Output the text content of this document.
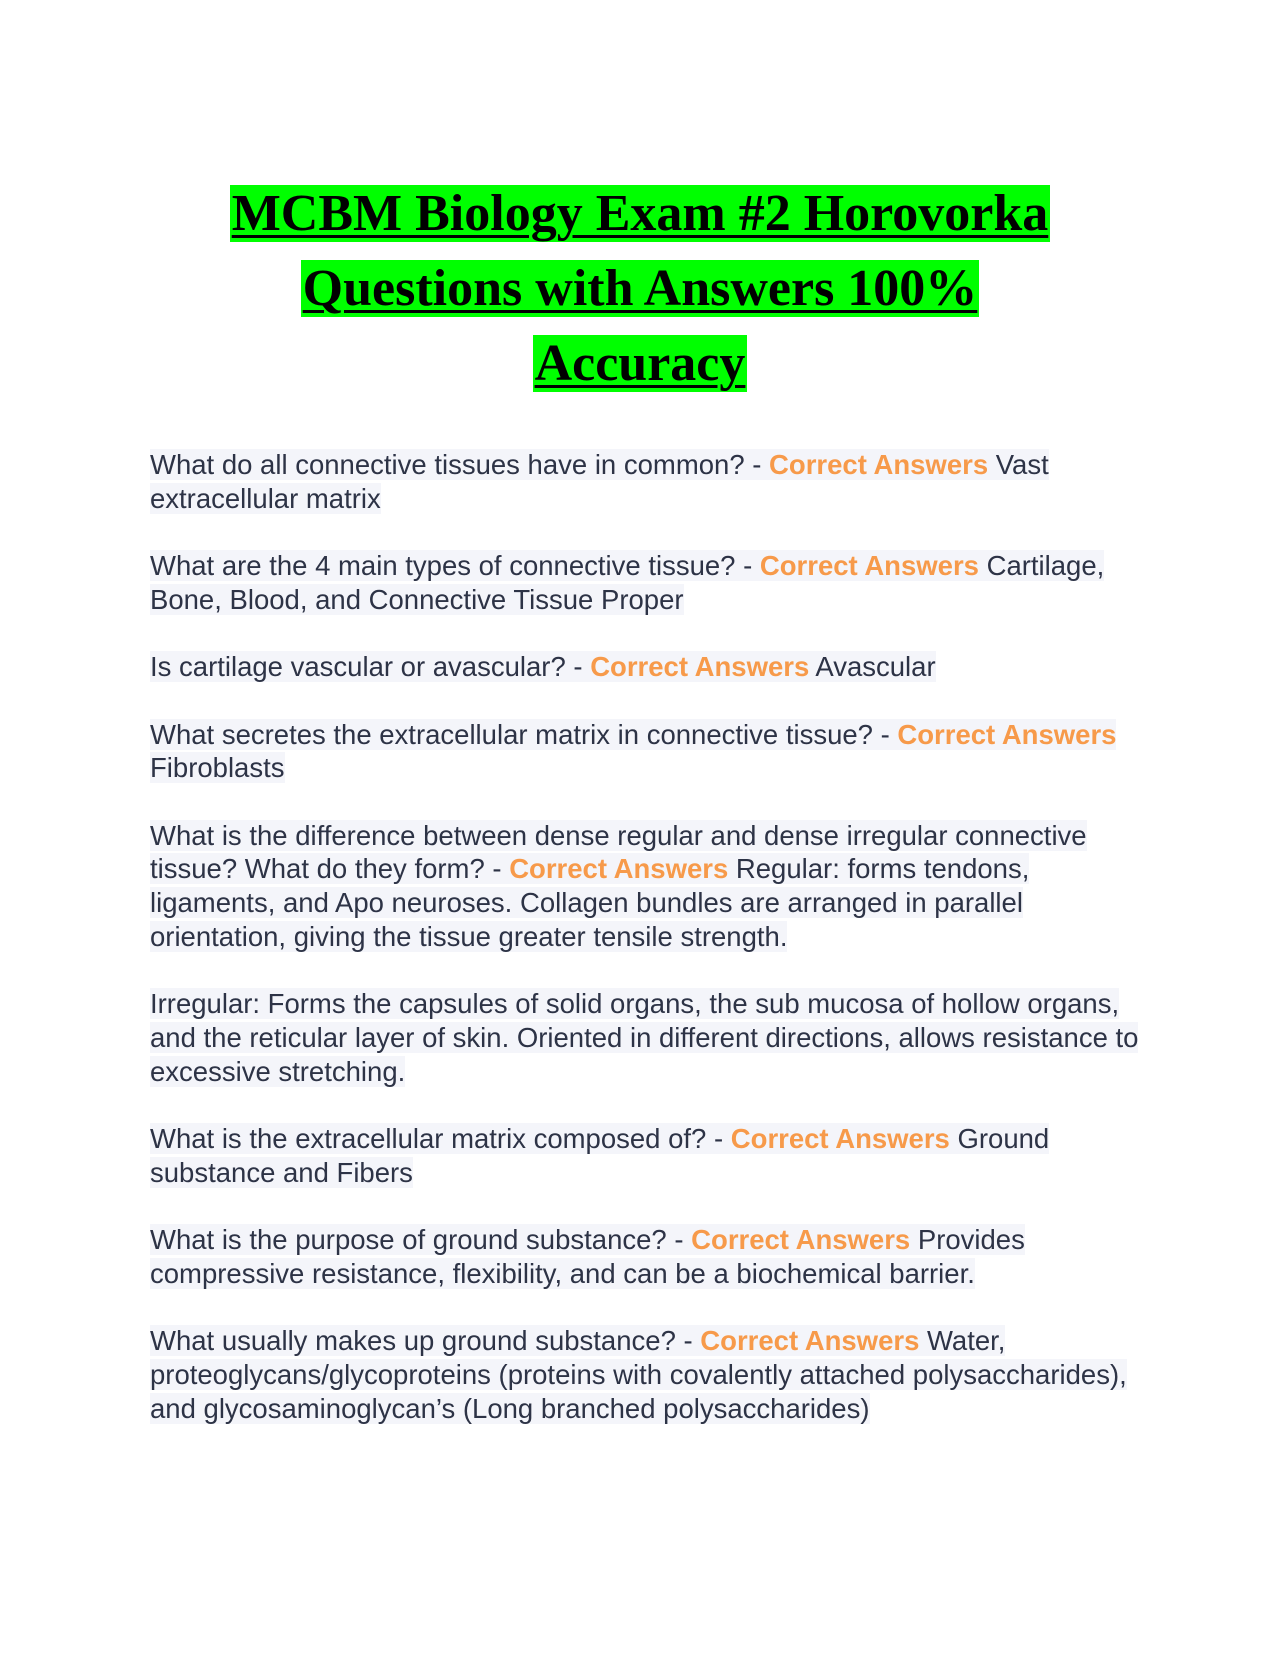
MCBM Biology Exam #2 Horovorka
Questions with Answers 100%
Accuracy

What do all connective tissues have in common? - Correct Answers Vast extracellular matrix

What are the 4 main types of connective tissue? - Correct Answers Cartilage, Bone, Blood, and Connective Tissue Proper

Is cartilage vascular or avascular? - Correct Answers Avascular

What secretes the extracellular matrix in connective tissue? - Correct Answers Fibroblasts

What is the difference between dense regular and dense irregular connective tissue? What do they form? - Correct Answers Regular: forms tendons, ligaments, and Apo neuroses. Collagen bundles are arranged in parallel orientation, giving the tissue greater tensile strength.

Irregular: Forms the capsules of solid organs, the sub mucosa of hollow organs, and the reticular layer of skin. Oriented in different directions, allows resistance to excessive stretching.

What is the extracellular matrix composed of? - Correct Answers Ground substance and Fibers

What is the purpose of ground substance? - Correct Answers Provides compressive resistance, flexibility, and can be a biochemical barrier.

What usually makes up ground substance? - Correct Answers Water, proteoglycans/glycoproteins (proteins with covalently attached polysaccharides), and glycosaminoglycan’s (Long branched polysaccharides)
